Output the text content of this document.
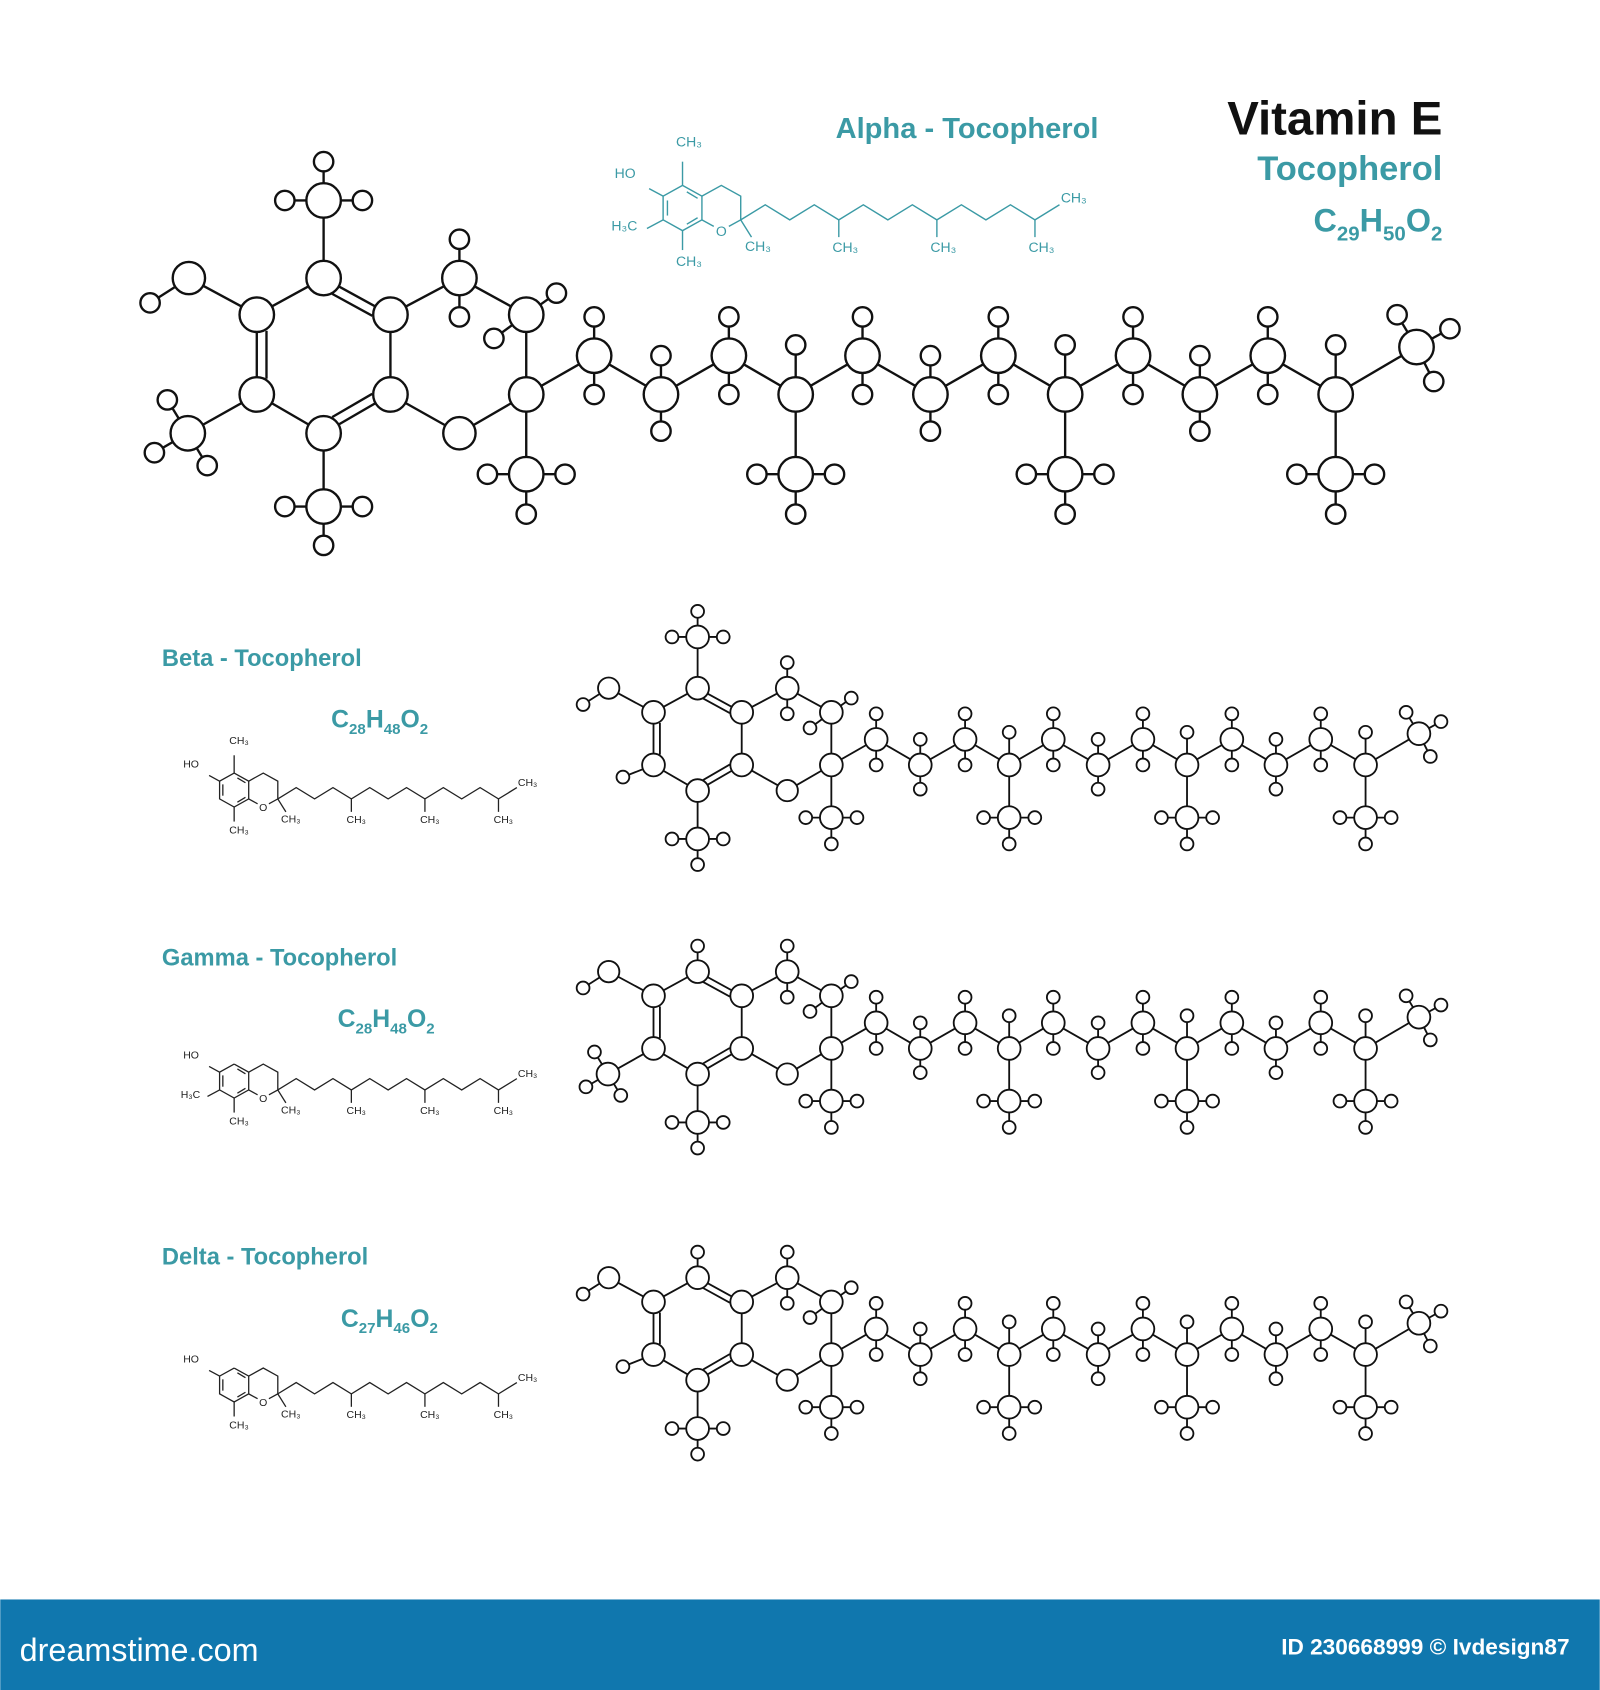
Vitamin E
Tocopherol
$C_{29}H_{50}O_2$
Alpha - Tocopherol
Beta - Tocopherol
$C_{28}H_{48}O_2$
Gamma - Tocopherol
$C_{28}H_{48}O_2$
Delta - Tocopherol
$C_{27}H_{46}O_2$
O
HO
CH₃
H₃C
CH₃
CH₃	CH₃	CH₃	CH₃
CH₃
O
HO
CH₃
CH₃
CH₃	CH₃	CH₃	CH₃
CH₃
O
HO
H₃C
CH₃
CH₃	CH₃	CH₃	CH₃
CH₃
O
HO
CH₃
CH₃	CH₃	CH₃	CH₃
CH₃
dreamstime.com	ID 230668999 © Ivdesign87
